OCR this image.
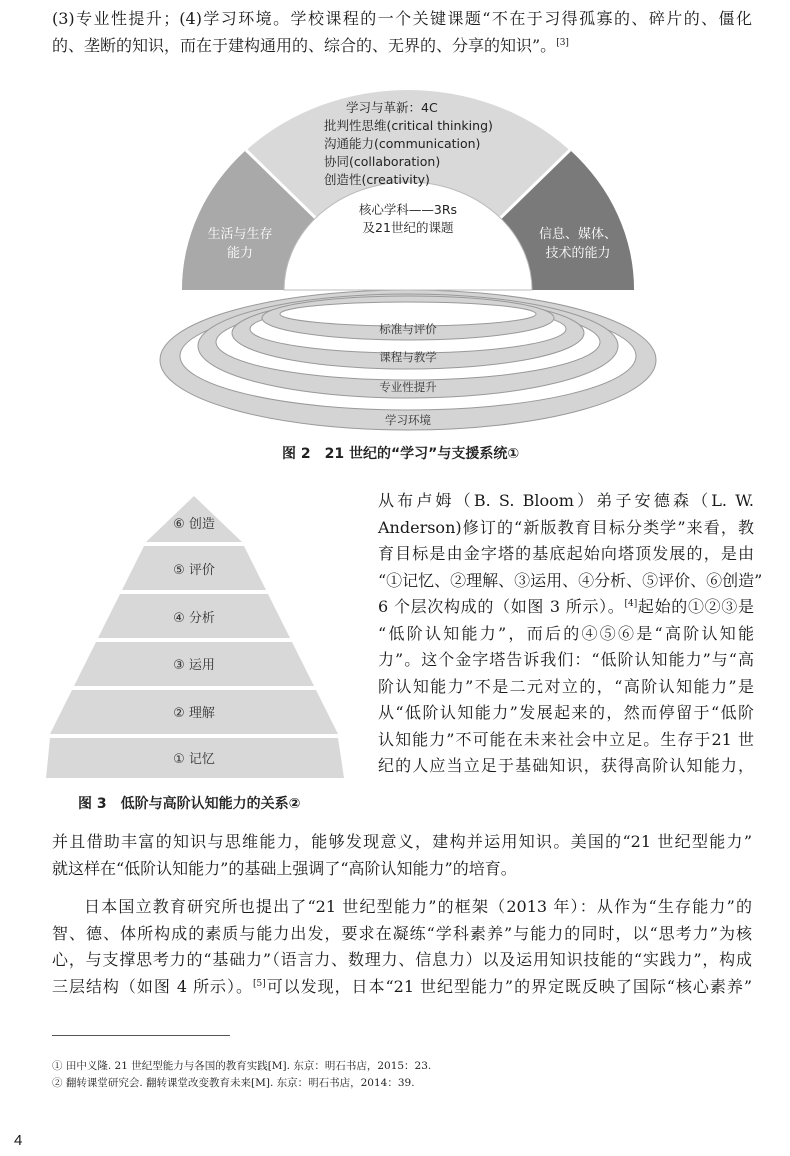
(3)专业性提升；(4)学习环境。学校课程的一个关键课题“不在于习得孤寡的、碎片的、僵化
的、垄断的知识，而在于建构通用的、综合的、无界的、分享的知识”。[3]
学习与革新：4C
批判性思维(critical thinking)
沟通能力(communication)
协同(collaboration)
创造性(creativity)
生活与生存
能力
信息、媒体、
技术的能力
核心学科——3Rs
及21世纪的课题
标准与评价
课程与教学
专业性提升
学习环境
图 2　21 世纪的“学习”与支援系统①
⑥ 创造
⑤ 评价
④ 分析
③ 运用
② 理解
① 记忆
图 3　低阶与高阶认知能力的关系②
从布卢姆（B. S. Bloom）弟子安德森（L. W.
Anderson)修订的“新版教育目标分类学”来看，教
育目标是由金字塔的基底起始向塔顶发展的，是由
“①记忆、②理解、③运用、④分析、⑤评价、⑥创造”
6 个层次构成的（如图 3 所示）。[4]起始的①②③是
“低阶认知能力”，而后的④⑤⑥是“高阶认知能
力”。这个金字塔告诉我们：“低阶认知能力”与“高
阶认知能力”不是二元对立的，“高阶认知能力”是
从“低阶认知能力”发展起来的，然而停留于“低阶
认知能力”不可能在未来社会中立足。生存于21 世
纪的人应当立足于基础知识，获得高阶认知能力，
并且借助丰富的知识与思维能力，能够发现意义，建构并运用知识。美国的“21 世纪型能力”
就这样在“低阶认知能力”的基础上强调了“高阶认知能力”的培育。
日本国立教育研究所也提出了“21 世纪型能力”的框架（2013 年）：从作为“生存能力”的
智、德、体所构成的素质与能力出发，要求在凝练“学科素养”与能力的同时，以“思考力”为核
心，与支撑思考力的“基础力”（语言力、数理力、信息力）以及运用知识技能的“实践力”，构成
三层结构（如图 4 所示）。[5]可以发现，日本“21 世纪型能力”的界定既反映了国际“核心素养”
① 田中义隆. 21 世纪型能力与各国的教育实践[M]. 东京：明石书店，2015：23.
② 翻转课堂研究会. 翻转课堂改变教育未来[M]. 东京：明石书店，2014：39.
4
